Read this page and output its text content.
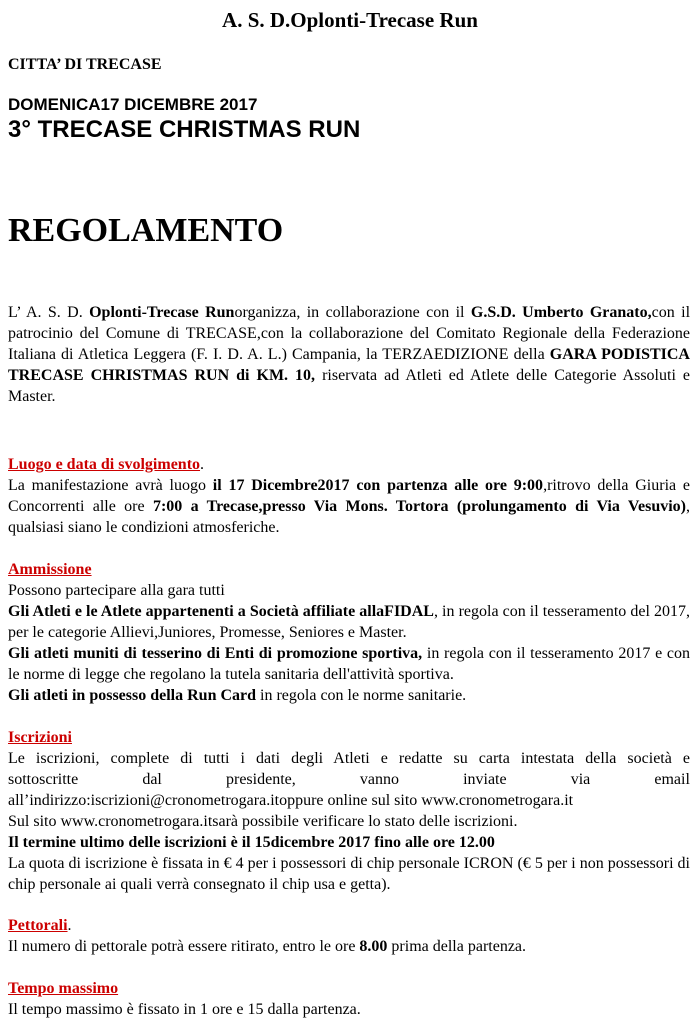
A. S. D.Oplonti-Trecase Run
CITTA’ DI TRECASE
DOMENICA17 DICEMBRE 2017
3° TRECASE CHRISTMAS RUN
REGOLAMENTO
L’ A. S. D. Oplonti-Trecase Runorganizza, in collaborazione con il G.S.D. Umberto Granato,con il patrocinio del Comune di TRECASE,con la collaborazione del Comitato Regionale della Federazione Italiana di Atletica Leggera (F. I. D. A. L.) Campania, la TERZAEDIZIONE della GARA PODISTICA TRECASE CHRISTMAS RUN di KM. 10, riservata ad Atleti ed Atlete delle Categorie Assoluti e Master.
Luogo e data di svolgimento.
La manifestazione avrà luogo il 17 Dicembre2017 con partenza alle ore 9:00,ritrovo della Giuria e Concorrenti alle ore 7:00 a Trecase,presso Via Mons. Tortora (prolungamento di Via Vesuvio), qualsiasi siano le condizioni atmosferiche.
Ammissione
Possono partecipare alla gara tutti
Gli Atleti e le Atlete appartenenti a Società affiliate allaFIDAL, in regola con il tesseramento del 2017, per le categorie Allievi,Juniores, Promesse, Seniores e Master.
Gli atleti muniti di tesserino di Enti di promozione sportiva, in regola con il tesseramento 2017 e con le norme di legge che regolano la tutela sanitaria dell'attività sportiva.
Gli atleti in possesso della Run Card in regola con le norme sanitarie.
Iscrizioni
Le iscrizioni, complete di tutti i dati degli Atleti e redatte su carta intestata della società e
sottoscritte	dal	presidente,	vanno	inviate	via	email
all’indirizzo:iscrizioni@cronometrogara.itoppure online sul sito www.cronometrogara.it
Sul sito www.cronometrogara.itsarà possibile verificare lo stato delle iscrizioni.
Il termine ultimo delle iscrizioni è il 15dicembre 2017 fino alle ore 12.00
La quota di iscrizione è fissata in € 4 per i possessori di chip personale ICRON (€ 5 per i non possessori di chip personale ai quali verrà consegnato il chip usa e getta).
Pettorali.
Il numero di pettorale potrà essere ritirato, entro le ore 8.00 prima della partenza.
Tempo massimo
Il tempo massimo è fissato in 1 ore e 15 dalla partenza.
